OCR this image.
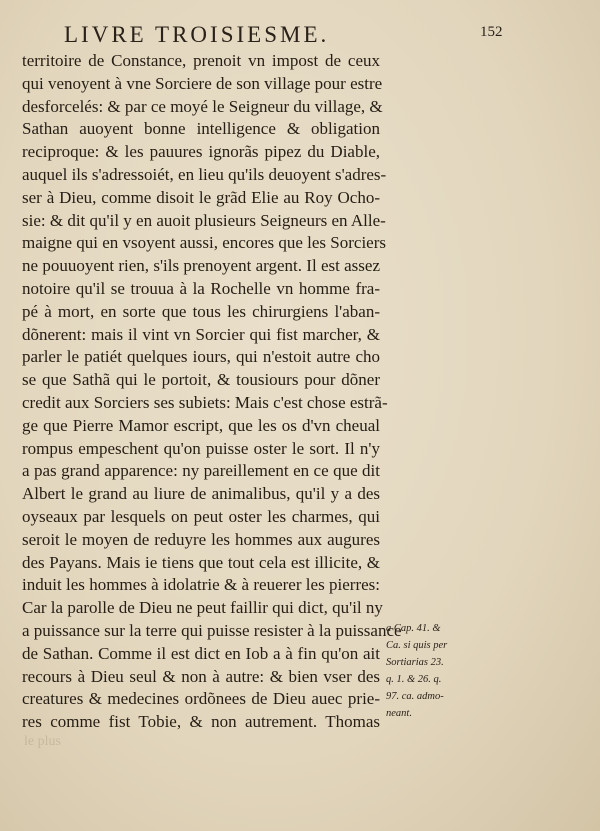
LIVRE TROISIESME.	152
territoire de Constance, prenoit vn impost de ceux
qui venoyent à vne Sorciere de son village pour estre
desforcelés: & par ce moyé le Seigneur du village, &
Sathan auoyent bonne intelligence & obligation
reciproque: & les pauures ignorãs pipez du Diable,
auquel ils s'adressoiét, en lieu qu'ils deuoyent s'adres-
ser à Dieu, comme disoit le grãd Elie au Roy Ocho-
sie: & dit qu'il y en auoit plusieurs Seigneurs en Alle-
maigne qui en vsoyent aussi, encores que les Sorciers
ne pouuoyent rien, s'ils prenoyent argent. Il est assez
notoire qu'il se trouua à la Rochelle vn homme fra-
pé à mort, en sorte que tous les chirurgiens l'aban-
dõnerent: mais il vint vn Sorcier qui fist marcher, &
parler le patiét quelques iours, qui n'estoit autre cho
se que Sathã qui le portoit, & tousiours pour dõner
credit aux Sorciers ses subiets: Mais c'est chose estrã-
ge que Pierre Mamor escript, que les os d'vn cheual
rompus empeschent qu'on puisse oster le sort. Il n'y
a pas grand apparence: ny pareillement en ce que dit
Albert le grand au liure de animalibus, qu'il y a des
oyseaux par lesquels on peut oster les charmes, qui
seroit le moyen de reduyre les hommes aux augures
des Payans. Mais ie tiens que tout cela est illicite, &
induit les hommes à idolatrie & à reuerer les pierres:
Car la parolle de Dieu ne peut faillir qui dict, qu'il ny
a puissance sur la terre qui puisse resister à la puissance
de Sathan. Comme il est dict en Iob a à fin qu'on ait
recours à Dieu seul & non à autre: & bien vser des
creatures & medecines ordõnees de Dieu auec prie-
res comme fist Tobie, & non autrement. Thomas
a Cap. 41. &
Ca. si quis per
Sortiarias 23.
q. 1. & 26. q.
97. ca. admo-
neant.
le plus
